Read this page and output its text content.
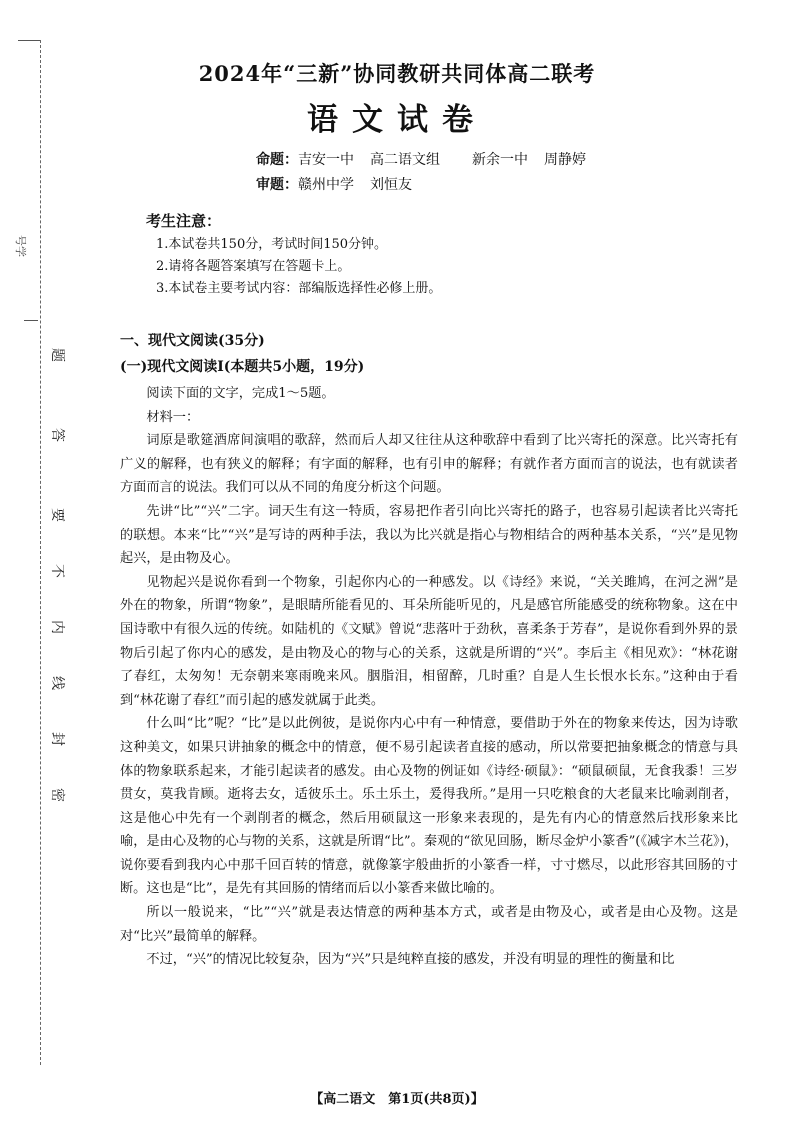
号学
题
答
要
不
内
线
封
密
2024年“三新”协同教研共同体高二联考
语文试卷
命题：吉安一中 高二语文组 新余一中 周静婷
审题：赣州中学 刘恒友
考生注意：
1.本试卷共150分，考试时间150分钟。
2.请将各题答案填写在答题卡上。
3.本试卷主要考试内容：部编版选择性必修上册。
一、现代文阅读(35分)
(一)现代文阅读Ⅰ(本题共5小题，19分)

阅读下面的文字，完成1～5题。

材料一：

词原是歌筵酒席间演唱的歌辞，然而后人却又往往从这种歌辞中看到了比兴寄托的深意。比兴寄托有广义的解释，也有狭义的解释；有字面的解释，也有引申的解释；有就作者方面而言的说法，也有就读者方面而言的说法。我们可以从不同的角度分析这个问题。

先讲“比”“兴”二字。词天生有这一特质，容易把作者引向比兴寄托的路子，也容易引起读者比兴寄托的联想。本来“比”“兴”是写诗的两种手法，我以为比兴就是指心与物相结合的两种基本关系，“兴”是见物起兴，是由物及心。

见物起兴是说你看到一个物象，引起你内心的一种感发。以《诗经》来说，“关关雎鸠，在河之洲”是外在的物象，所谓“物象”，是眼睛所能看见的、耳朵所能听见的，凡是感官所能感受的统称物象。这在中国诗歌中有很久远的传统。如陆机的《文赋》曾说“悲落叶于劲秋，喜柔条于芳春”，是说你看到外界的景物后引起了你内心的感发，是由物及心的物与心的关系，这就是所谓的“兴”。李后主《相见欢》：“林花谢了春红，太匆匆！无奈朝来寒雨晚来风。胭脂泪，相留醉，几时重？自是人生长恨水长东。”这种由于看到“林花谢了春红”而引起的感发就属于此类。

什么叫“比”呢？“比”是以此例彼，是说你内心中有一种情意，要借助于外在的物象来传达，因为诗歌这种美文，如果只讲抽象的概念中的情意，便不易引起读者直接的感动，所以常要把抽象概念的情意与具体的物象联系起来，才能引起读者的感发。由心及物的例证如《诗经·硕鼠》：“硕鼠硕鼠，无食我黍！三岁贯女，莫我肯顾。逝将去女，适彼乐土。乐土乐土，爰得我所。”是用一只吃粮食的大老鼠来比喻剥削者，这是他心中先有一个剥削者的概念，然后用硕鼠这一形象来表现的，是先有内心的情意然后找形象来比喻，是由心及物的心与物的关系，这就是所谓“比”。秦观的“欲见回肠，断尽金炉小篆香”(《减字木兰花》)，说你要看到我内心中那千回百转的情意，就像篆字般曲折的小篆香一样，寸寸燃尽，以此形容其回肠的寸断。这也是“比”，是先有其回肠的情绪而后以小篆香来做比喻的。

所以一般说来，“比”“兴”就是表达情意的两种基本方式，或者是由物及心，或者是由心及物。这是对“比兴”最简单的解释。

不过，“兴”的情况比较复杂，因为“兴”只是纯粹直接的感发，并没有明显的理性的衡量和比

【高二语文　第1页(共8页)】
